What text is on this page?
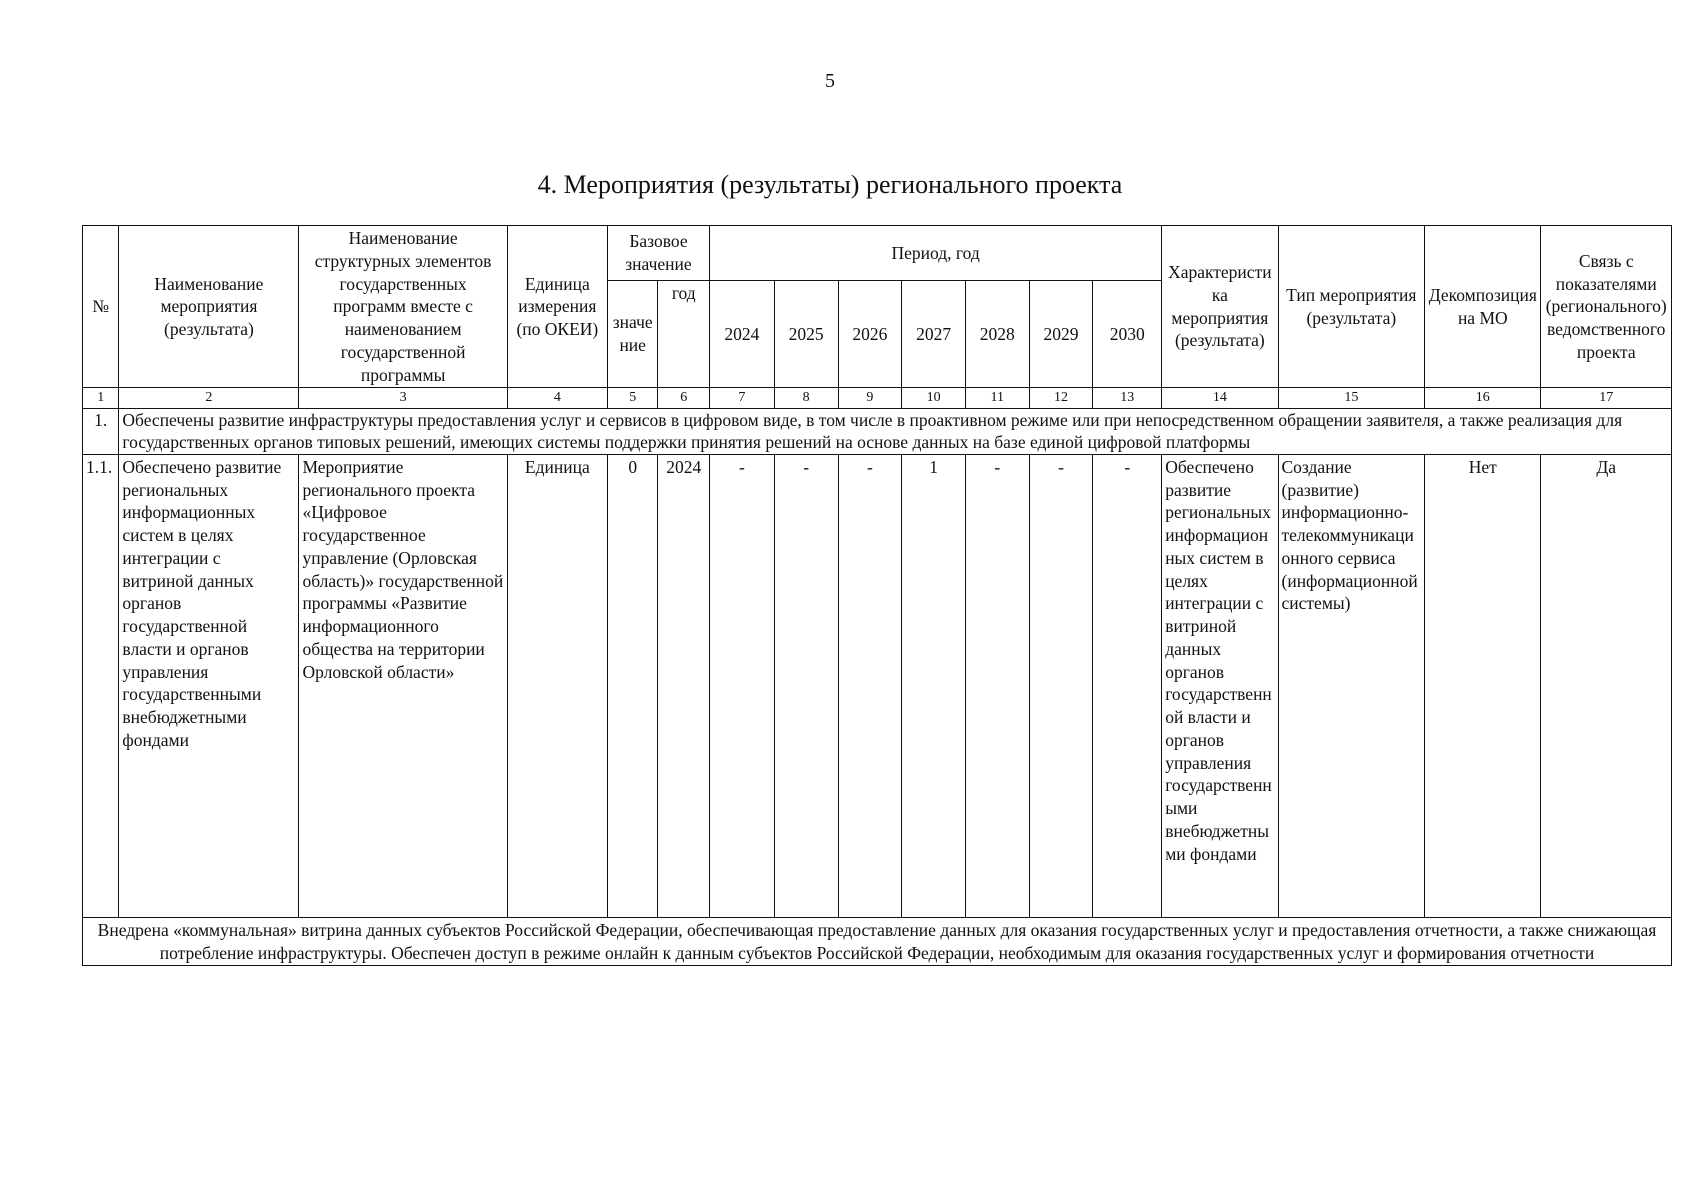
5
4. Мероприятия (результаты) регионального проекта
№	Наименование мероприятия (результата)	Наименование структурных элементов государственных программ вместе с наименованием государственной программы	Единица измерения (по ОКЕИ)	Базовое значение		Период, год							Характеристика мероприятия (результата)	Тип мероприятия (результата)	Декомпозиция на МО	Связь с показателями (регионального) ведомственного проекта
				значение	год	2024	2025	2026	2027	2028	2029	2030				
1	2	3	4	5	6	7	8	9	10	11	12	13	14	15	16	17
1.	Обеспечены развитие инфраструктуры предоставления услуг и сервисов в цифровом виде, в том числе в проактивном режиме или при непосредственном обращении заявителя, а также реализация для государственных органов типовых решений, имеющих системы поддержки принятия решений на основе данных на базе единой цифровой платформы															
1.1.	Обеспечено развитие региональных информационных систем в целях интеграции с витриной данных органов государственной власти и органов управления государственными внебюджетными фондами	Мероприятие регионального проекта «Цифровое государственное управление (Орловская область)» государственной программы «Развитие информационного общества на территории Орловской области»	Единица	0	2024	-	-	-	1	-	-	-	Обеспечено развитие региональных информационных систем в целях интеграции с витриной данных органов государственной власти и органов управления государственными внебюджетными фондами	Создание (развитие) информационно-телекоммуникационного сервиса (информационной системы)	Нет	Да
Внедрена «коммунальная» витрина данных субъектов Российской Федерации, обеспечивающая предоставление данных для оказания государственных услуг и предоставления отчетности, а также снижающая потребление инфраструктуры. Обеспечен доступ в режиме онлайн к данным субъектов Российской Федерации, необходимым для оказания государственных услуг и формирования отчетности																
